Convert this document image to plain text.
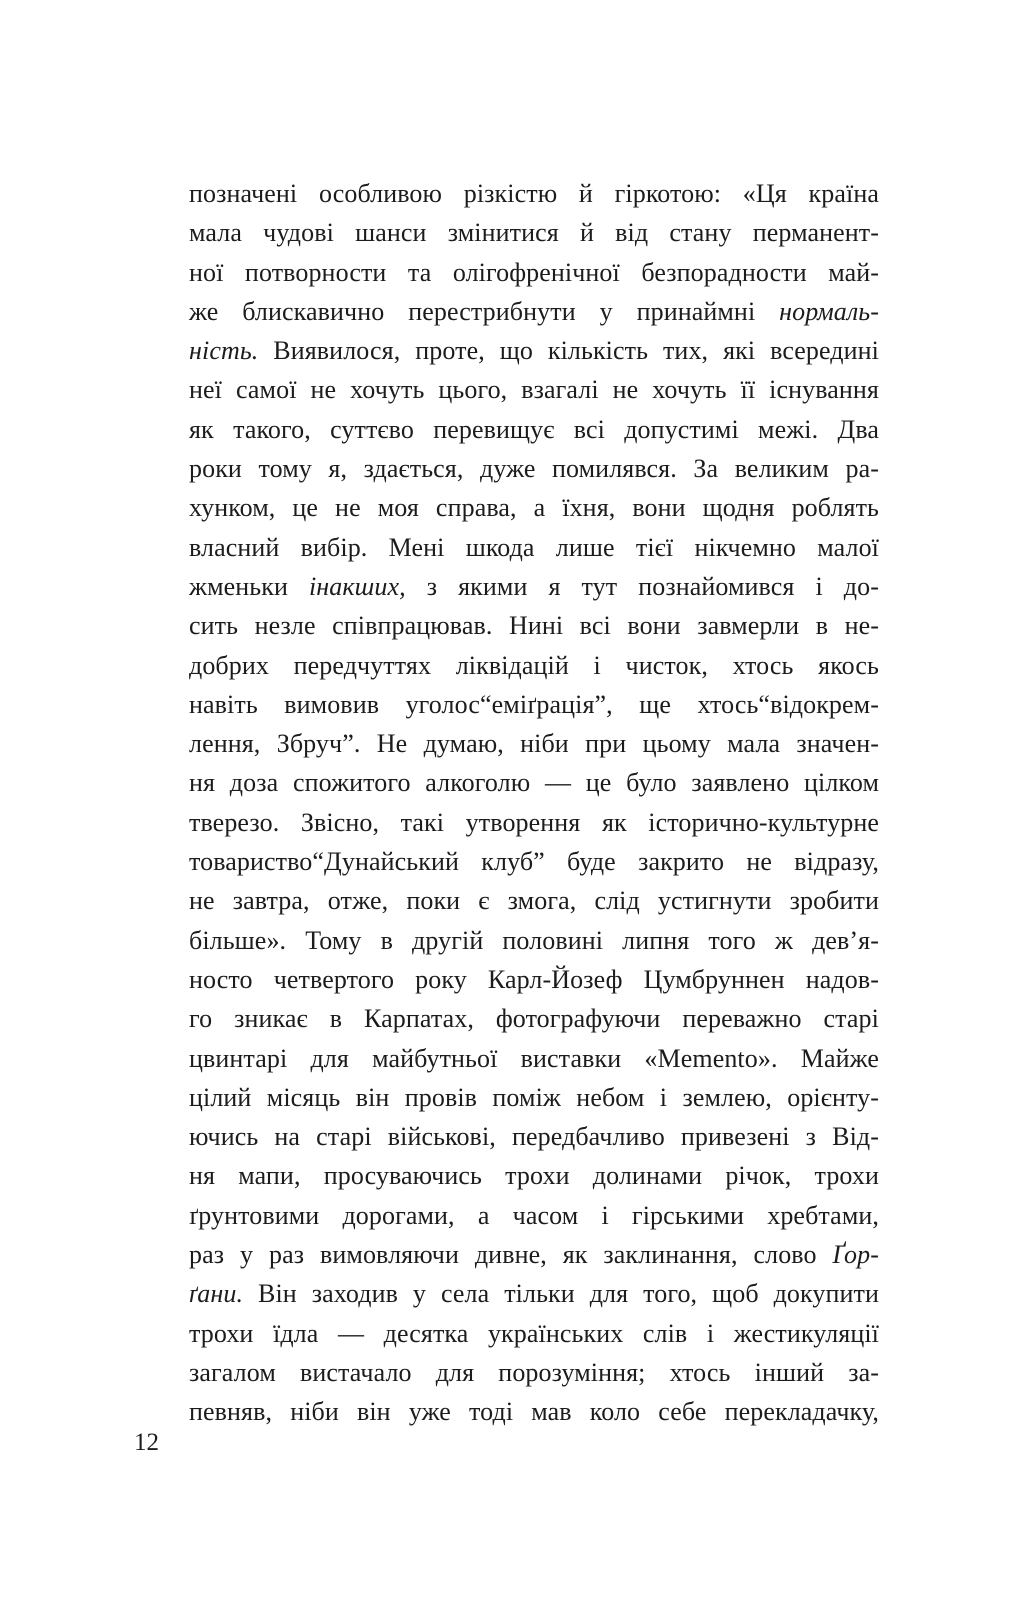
позначені особливою різкістю й гіркотою: «Ця країна
мала чудові шанси змінитися й від стану перманент-
ної потворности та олігофренічної безпорадности май-
же блискавично перестрибнути у принаймні нормаль-
ність. Виявилося, проте, що кількість тих, які всередині
неї самої не хочуть цього, взагалі не хочуть її існування
як такого, суттєво перевищує всі допустимі межі. Два
роки тому я, здається, дуже помилявся. За великим ра-
хунком, це не моя справа, а їхня, вони щодня роблять
власний вибір. Мені шкода лише тієї нікчемно малої
жменьки інакших, з якими я тут познайомився і до-
сить незле співпрацював. Нині всі вони завмерли в не-
добрих передчуттях ліквідацій і чисток, хтось якось
навіть вимовив уголос“еміґрація”, ще хтось“відокрем-
лення, Збруч”. Не думаю, ніби при цьому мала значен-
ня доза спожитого алкоголю — це було заявлено цілком
тверезо. Звісно, такі утворення як історично-культурне
товариство“Дунайський клуб” буде закрито не відразу,
не завтра, отже, поки є змога, слід устигнути зробити
більше». Тому в другій половині липня того ж дев’я-
носто четвертого року Карл-Йозеф Цумбруннен надов-
го зникає в Карпатах, фотографуючи переважно старі
цвинтарі для майбутньої виставки «Memento». Майже
цілий місяць він провів поміж небом і землею, орієнту-
ючись на старі військові, передбачливо привезені з Від-
ня мапи, просуваючись трохи долинами річок, трохи
ґрунтовими дорогами, а часом і гірськими хребтами,
раз у раз вимовляючи дивне, як заклинання, слово Ґор-
ґани. Він заходив у села тільки для того, щоб докупити
трохи їдла — десятка українських слів і жестикуляції
загалом вистачало для порозуміння; хтось інший за-
певняв, ніби він уже тоді мав коло себе перекладачку,
12
